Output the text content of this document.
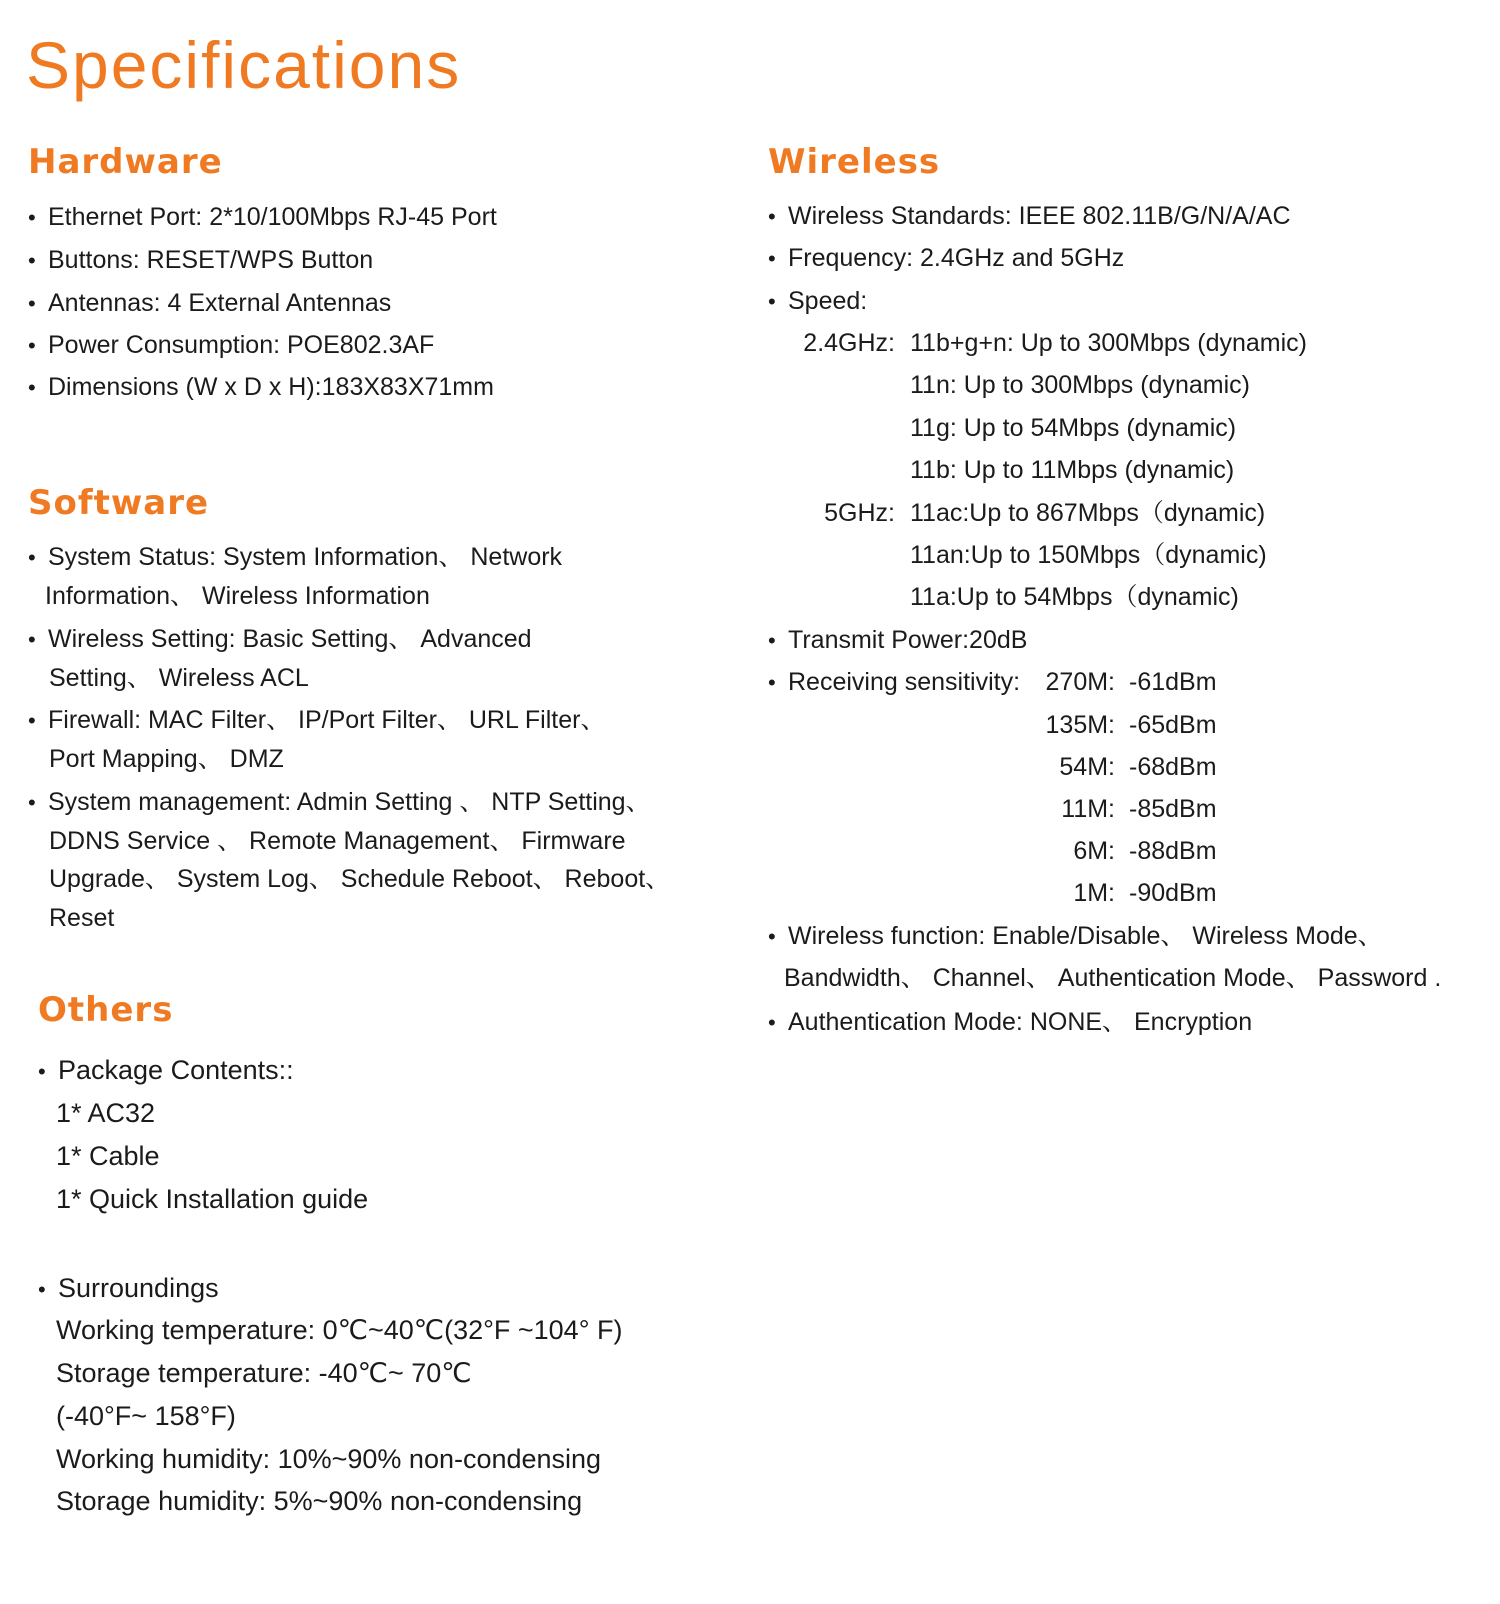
Specifications
Hardware
• Ethernet Port: 2*10/100Mbps RJ-45 Port
• Buttons: RESET/WPS Button
• Antennas: 4 External Antennas
• Power Consumption: POE802.3AF
• Dimensions (W x D x H):183X83X71mm
Software
• System Status: System Information、 Network
Information、 Wireless Information
• Wireless Setting: Basic Setting、 Advanced
Setting、 Wireless ACL
• Firewall: MAC Filter、 IP/Port Filter、 URL Filter、
Port Mapping、 DMZ
• System management: Admin Setting 、 NTP Setting、
DDNS Service 、 Remote Management、 Firmware
Upgrade、 System Log、 Schedule Reboot、 Reboot、
Reset
Others
• Package Contents::
1* AC32
1* Cable
1* Quick Installation guide
• Surroundings
Working temperature: 0℃~40℃(32°F ~104° F)
Storage temperature: -40℃~ 70℃
(-40°F~ 158°F)
Working humidity: 10%~90% non-condensing
Storage humidity: 5%~90% non-condensing
Wireless
• Wireless Standards: IEEE 802.11B/G/N/A/AC
• Frequency: 2.4GHz and 5GHz
• Speed:
2.4GHz: 11b+g+n: Up to 300Mbps (dynamic)
11n: Up to 300Mbps (dynamic)
11g: Up to 54Mbps (dynamic)
11b: Up to 11Mbps (dynamic)
5GHz: 11ac:Up to 867Mbps（dynamic)
11an:Up to 150Mbps（dynamic)
11a:Up to 54Mbps（dynamic)
• Transmit Power:20dB
• Receiving sensitivity:	270M: -61dBm
135M: -65dBm
54M: -68dBm
11M: -85dBm
6M: -88dBm
1M: -90dBm
• Wireless function: Enable/Disable、 Wireless Mode、
Bandwidth、 Channel、 Authentication Mode、 Password .
• Authentication Mode: NONE、 Encryption
